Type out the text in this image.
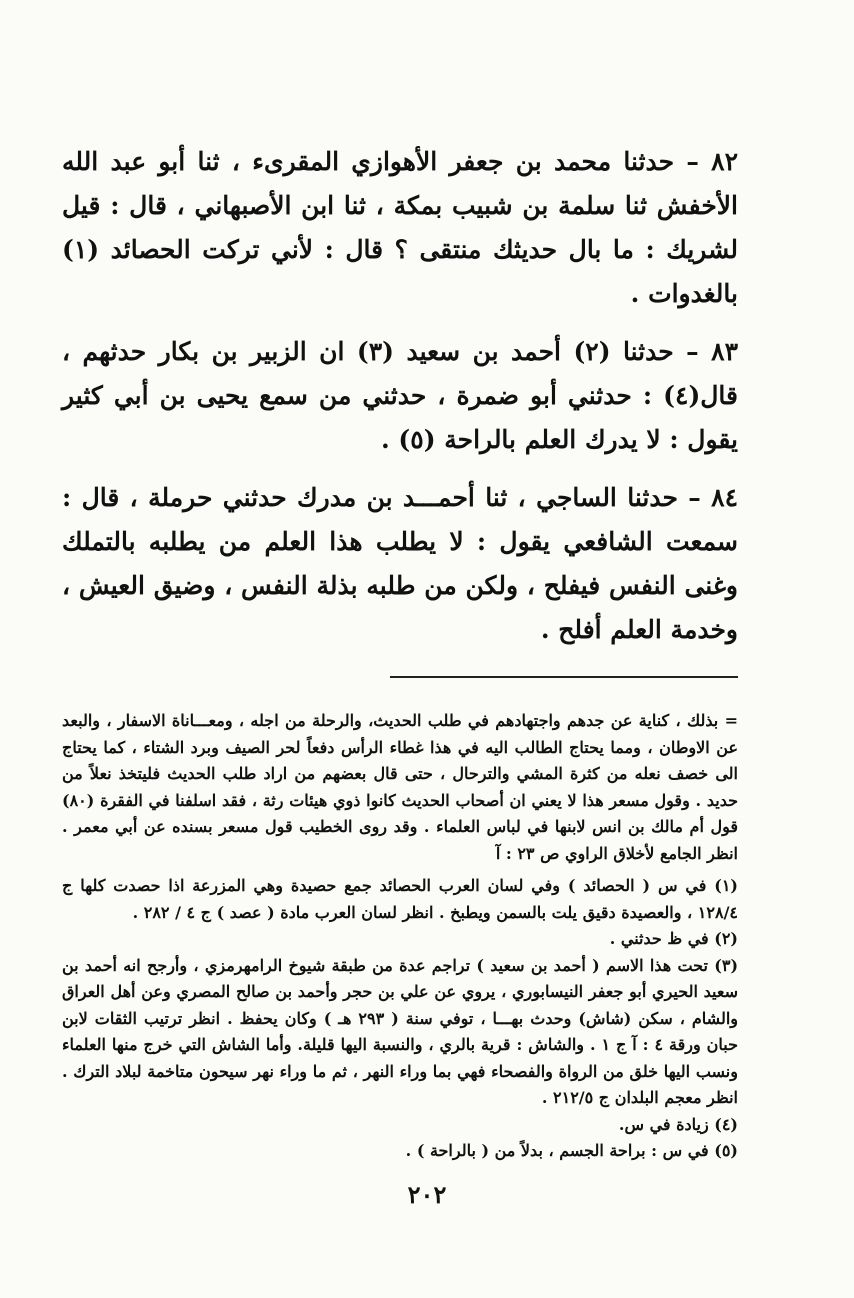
٨٢ – حدثنا محمد بن جعفر الأهوازي المقرىء ، ثنا أبو عبد الله الأخفش ثنا سلمة بن شبيب بمكة ، ثنا ابن الأصبهاني ، قال : قيل لشريك : ما بال حديثك منتقى ؟ قال : لأني تركت الحصائد (١) بالغدوات .

٨٣ – حدثنا (٢) أحمد بن سعيد (٣) ان الزبير بن بكار حدثهم ، قال(٤) : حدثني أبو ضمرة ، حدثني من سمع يحيى بن أبي كثير يقول : لا يدرك العلم بالراحة (٥) .

٨٤ – حدثنا الساجي ، ثنا أحمـــد بن مدرك حدثني حرملة ، قال : سمعت الشافعي يقول : لا يطلب هذا العلم من يطلبه بالتملك وغنى النفس فيفلح ، ولكن من طلبه بذلة النفس ، وضيق العيش ، وخدمة العلم أفلح .

= بذلك ، كناية عن جدهم واجتهادهم في طلب الحديث، والرحلة من اجله ، ومعـــاناة الاسفار ، والبعد عن الاوطان ، ومما يحتاج الطالب اليه في هذا غطاء الرأس دفعاً لحر الصيف وبرد الشتاء ، كما يحتاج الى خصف نعله من كثرة المشي والترحال ، حتى قال بعضهم من اراد طلب الحديث فليتخذ نعلاً من حديد . وقول مسعر هذا لا يعني ان أصحاب الحديث كانوا ذوي هيئات رثة ، فقد اسلفنا في الفقرة (٨٠) قول أم مالك بن انس لابنها في لباس العلماء . وقد روى الخطيب قول مسعر بسنده عن أبي معمر . انظر الجامع لأخلاق الراوي ص ٢٣ : آ

(١) في س ( الحصائد ) وفي لسان العرب الحصائد جمع حصيدة وهي المزرعة اذا حصدت كلها ج ١٢٨/٤ ، والعصيدة دقيق يلت بالسمن ويطبخ . انظر لسان العرب مادة ( عصد ) ج ٤ / ٢٨٢ .

(٢) في ظ حدثني .

(٣) تحت هذا الاسم ( أحمد بن سعيد ) تراجم عدة من طبقة شيوخ الرامهرمزي ، وأرجح انه أحمد بن سعيد الحيري أبو جعفر النيسابوري ، يروي عن علي بن حجر وأحمد بن صالح المصري وعن أهل العراق والشام ، سكن (شاش) وحدث بهـــا ، توفي سنة ( ٢٩٣ هـ ) وكان يحفظ . انظر ترتيب الثقات لابن حبان ورقة ٤ : آ ج ١ . والشاش : قرية بالري ، والنسبة اليها قليلة. وأما الشاش التي خرج منها العلماء ونسب اليها خلق من الرواة والفصحاء فهي بما وراء النهر ، ثم ما وراء نهر سيحون متاخمة لبلاد الترك . انظر معجم البلدان ج ٢١٢/٥ .

(٤) زيادة في س.

(٥) في س : براحة الجسم ، بدلاً من ( بالراحة ) .

٢٠٢
